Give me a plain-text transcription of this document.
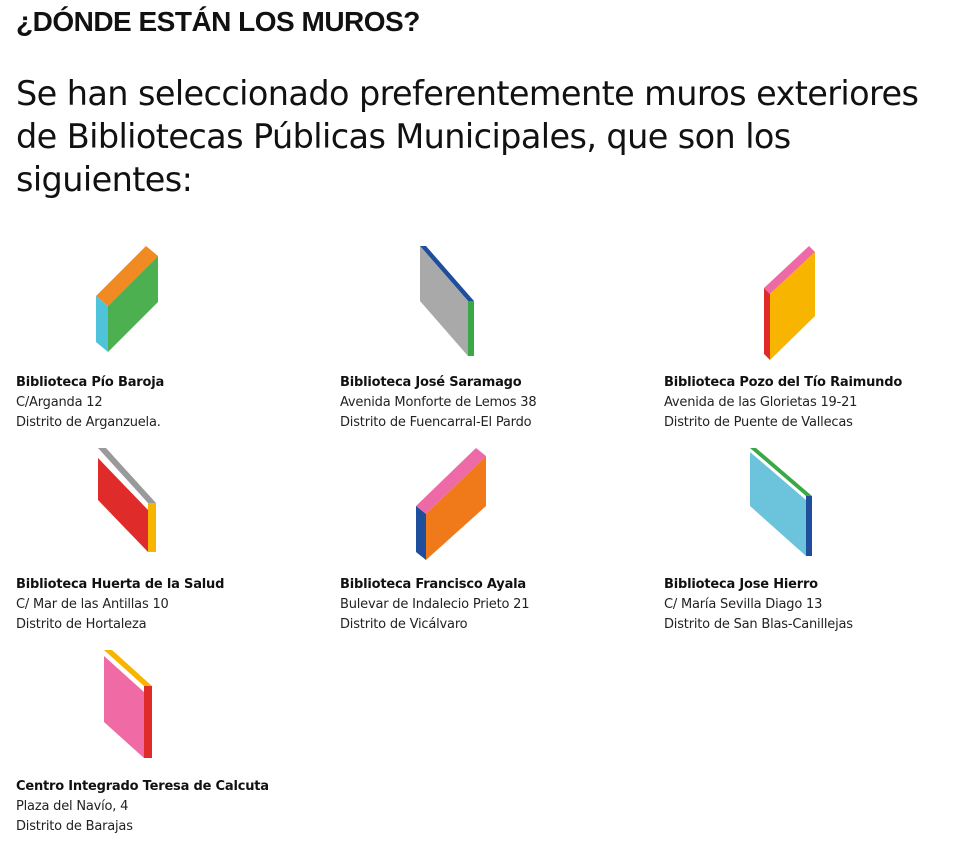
¿DÓNDE ESTÁN LOS MUROS?

Se han seleccionado preferentemente muros exteriores de Bibliotecas Públicas Municipales, que son los siguientes:

Biblioteca Pío Baroja
C/Arganda 12
Distrito de Arganzuela.
Biblioteca José Saramago
Avenida Monforte de Lemos 38
Distrito de Fuencarral-El Pardo
Biblioteca Pozo del Tío Raimundo
Avenida de las Glorietas 19-21
Distrito de Puente de Vallecas
Biblioteca Huerta de la Salud
C/ Mar de las Antillas 10
Distrito de Hortaleza
Biblioteca Francisco Ayala
Bulevar de Indalecio Prieto 21
Distrito de Vicálvaro
Biblioteca Jose Hierro
C/ María Sevilla Diago 13
Distrito de San Blas-Canillejas
Centro Integrado Teresa de Calcuta
Plaza del Navío, 4
Distrito de Barajas
